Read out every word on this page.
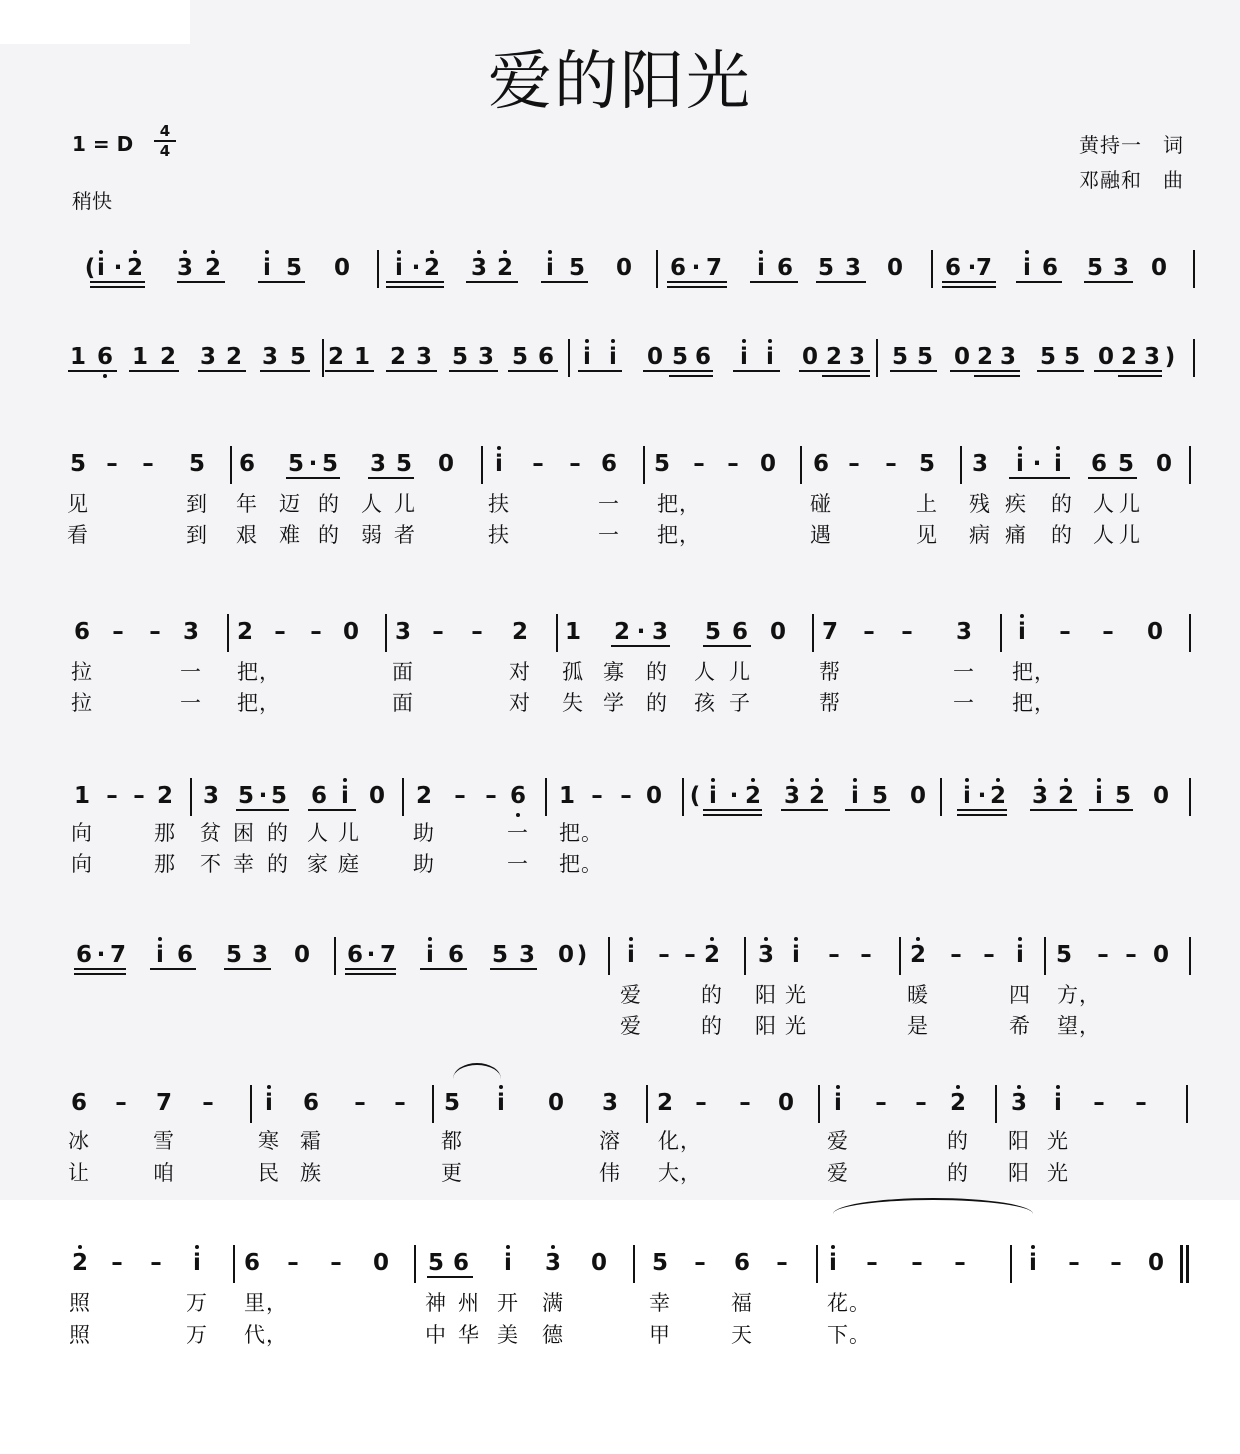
爱的阳光
1 = D
4
4
稍快
黄持一　词
邓融和　曲
( i · 2	3 2	i 5	0	i · 2	3 2	i 5	0	6 · 7	i 6	5 3	0	6 · 7	i 6	5 3 0
1 6 1 2	3 2 3 5 2 1 2 3 5 3 5 6	i i	0 5 6	i i	0 2 3	5 5 0 2 3	5 5 0 2 3 )
5 –	–	5	6	5 · 5	3 5	0	i	–	– 6	5	– – 0	6 –	– 5	3	i · i	6 5 0
6 –	– 3	2 –	– 0	3 –	–	2	1	2 · 3	5 6 0	7	–	–	3	i	–	–	0
1 – – 2	3 5 · 5	6 i 0	2 – – 6	1 – – 0	( i · 2 3 2	i 5 0	i · 2	3 2 i 5 0
6 · 7	i 6	5 3	0	6 · 7	i 6	5 3 0 )	i	– – 2	3 i	– –	2	– – i	5	– – 0
6	–	7	–	i	6	–	–	5	i	0	3	2 –	–	0	i	–	–	2	3	i	–	–
2	–	–	i	6	–	–	0	5 6	i	3	0	5	–	6	–	i	–	–	–	i	–	–	0
见	到	年	迈 的	人 儿	扶	一	把，	碰	上	残 疾	的 人 儿
看	到	艰	难 的	弱 者	扶	一	把，	遇	见	病 痛	的 人 儿
拉	一	把，	面	对	孤 寡	的	人 儿	帮	一	把，
拉	一	把，	面	对	失 学	的	孩 子	帮	一	把，
向	那	贫 困 的 人 儿	助	一	把。
向	那	不 幸 的 家 庭	助	一	把。
爱	的	阳 光	暖	四	方，
爱	的	阳 光	是	希	望，
冰	雪	寒 霜	都	溶	化，	爱	的	阳 光
让	咱	民 族	更	伟	大，	爱	的	阳 光
照	万	里，	神 州 开	满	幸	福	花。
照	万	代，	中 华 美	德	甲	天	下。
